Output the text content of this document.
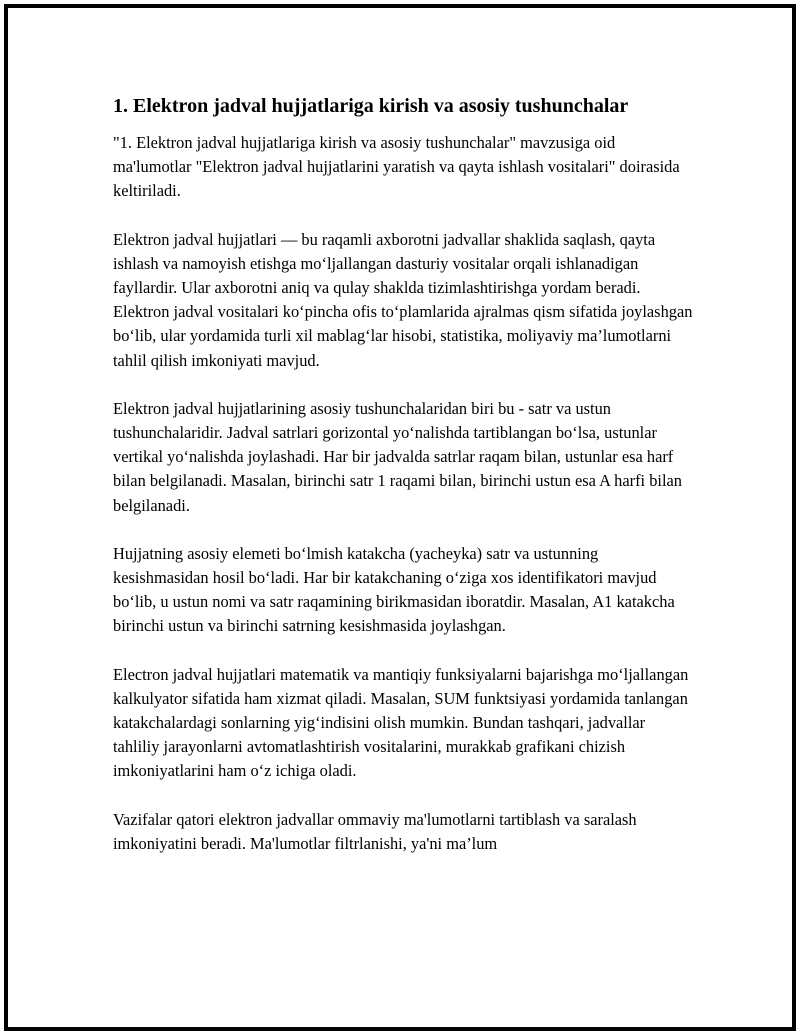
1. Elektron jadval hujjatlariga kirish va asosiy tushunchalar

"1. Elektron jadval hujjatlariga kirish va asosiy tushunchalar" mavzusiga oid ma'lumotlar "Elektron jadval hujjatlarini yaratish va qayta ishlash vositalari" doirasida keltiriladi.

Elektron jadval hujjatlari — bu raqamli axborotni jadvallar shaklida saqlash, qayta ishlash va namoyish etishga mo‘ljallangan dasturiy vositalar orqali ishlanadigan fayllardir. Ular axborotni aniq va qulay shaklda tizimlashtirishga yordam beradi. Elektron jadval vositalari ko‘pincha ofis to‘plamlarida ajralmas qism sifatida joylashgan bo‘lib, ular yordamida turli xil mablag‘lar hisobi, statistika, moliyaviy ma’lumotlarni tahlil qilish imkoniyati mavjud.

Elektron jadval hujjatlarining asosiy tushunchalaridan biri bu - satr va ustun tushunchalaridir. Jadval satrlari gorizontal yo‘nalishda tartiblangan bo‘lsa, ustunlar vertikal yo‘nalishda joylashadi. Har bir jadvalda satrlar raqam bilan, ustunlar esa harf bilan belgilanadi. Masalan, birinchi satr 1 raqami bilan, birinchi ustun esa A harfi bilan belgilanadi.

Hujjatning asosiy elemeti bo‘lmish katakcha (yacheyka) satr va ustunning kesishmasidan hosil bo‘ladi. Har bir katakchaning o‘ziga xos identifikatori mavjud bo‘lib, u ustun nomi va satr raqamining birikmasidan iboratdir. Masalan, A1 katakcha birinchi ustun va birinchi satrning kesishmasida joylashgan.

Electron jadval hujjatlari matematik va mantiqiy funksiyalarni bajarishga mo‘ljallangan kalkulyator sifatida ham xizmat qiladi. Masalan, SUM funktsiyasi yordamida tanlangan katakchalardagi sonlarning yig‘indisini olish mumkin. Bundan tashqari, jadvallar tahliliy jarayonlarni avtomatlashtirish vositalarini, murakkab grafikani chizish imkoniyatlarini ham o‘z ichiga oladi.

Vazifalar qatori elektron jadvallar ommaviy ma'lumotlarni tartiblash va saralash imkoniyatini beradi. Ma'lumotlar filtrlanishi, ya'ni ma’lum
